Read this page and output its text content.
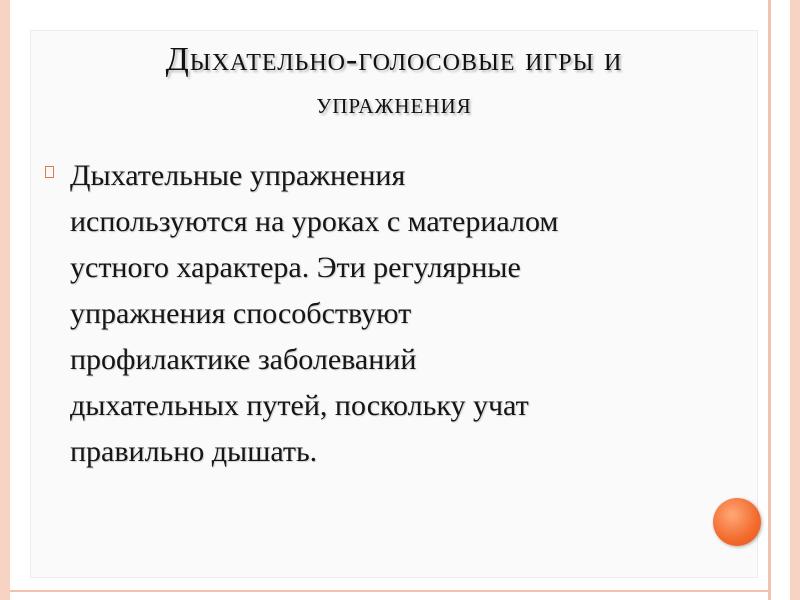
Дыхательно-голосовые игры и
упражнения
Дыхательные упражнения
используются на уроках с материалом
устного характера. Эти регулярные
упражнения способствуют
профилактике заболеваний
дыхательных путей, поскольку учат
правильно дышать.
